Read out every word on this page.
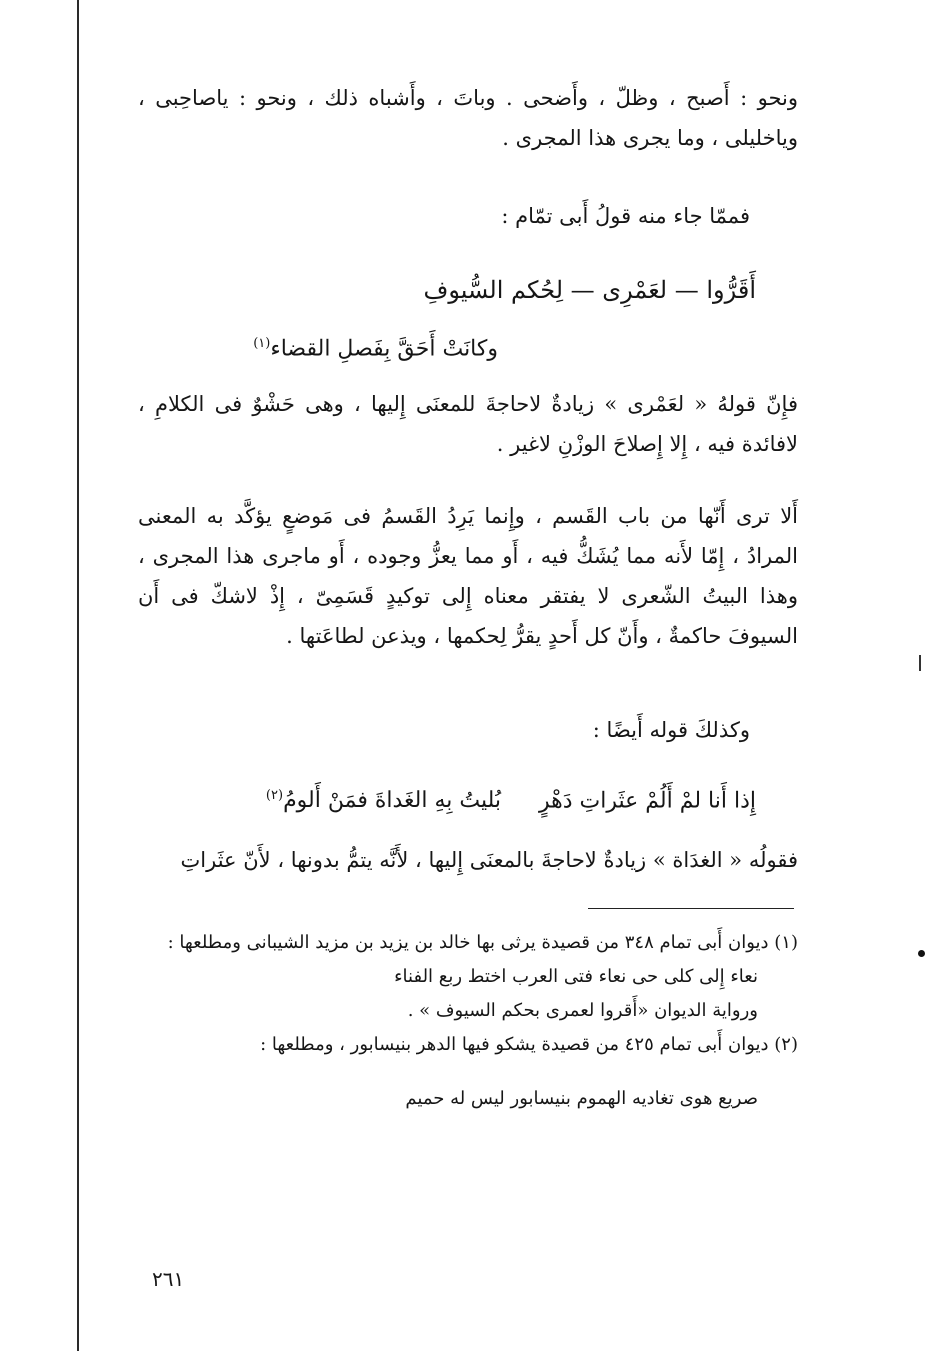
ونحو : أَصبح ، وظلّ ، وأَضحى . وباتَ ، وأَشباه ذلك ، ونحو : ياصاحِبى ، وياخليلى ، وما يجرى هذا المجرى .

فممّا جاء منه قولُ أَبى تمّام :

أَقَرُّوا — لعَمْرِى — لِحُكم السُّيوفِ
وكانَتْ أَحَقَّ بِفَصلِ القضاء$^{(١)}$

فإِنّ قولهُ « لعَمْرى » زيادةٌ لاحاجةَ للمعنَى إِليها ، وهى حَشْوٌ فى الكلامِ ، لافائدة فيه ، إِلا إِصلاحَ الوزْنِ لاغير .

أَلا ترى أَنّها من باب القَسم ، وإِنما يَرِدُ القَسمُ فى مَوضعٍ يؤكَّد به المعنى المرادُ ، إِمّا لأَنه مما يُشَكُّ فيه ، أَو مما يعزُّ وجوده ، أَو ماجرى هذا المجرى ، وهذا البيتُ الشّعرى لا يفتقر معناه إِلى توكيدٍ قَسَمِىّ ، إِذْ لاشكّ فى أَن السيوفَ حاكمةٌ ، وأَنّ كل أَحدٍ يقرُّ لِحكمها ، ويذعن لطاعَتها .

وكذلكَ قوله أَيضًا :

إِذا أَنا لمْ أَلُمْ عثَراتِ دَهْرٍبُليتُ بِهِ الغَداةَ فمَنْ أَلومُ$^{(٢)}$

فقولُه « الغدَاة » زيادةٌ لاحاجةَ بالمعنَى إِليها ، لأَنَّه يتمُّ بدونها ، لأَنّ عثَراتِ

(١) ديوان أَبى تمام ٣٤٨ من قصيدة يرثى بها خالد بن يزيد بن مزيد الشيبانى ومطلعها :

نعاء إِلى كلى حى نعاء فتى العرب اختط ربع الفناء

ورواية الديوان «أَقروا لعمرى بحكم السيوف » .

(٢) ديوان أَبى تمام ٤٢٥ من قصيدة يشكو فيها الدهر بنيسابور ، ومطلعها :

صريع هوى تغاديه الهموم بنيسابور ليس له حميم

٢٦١
